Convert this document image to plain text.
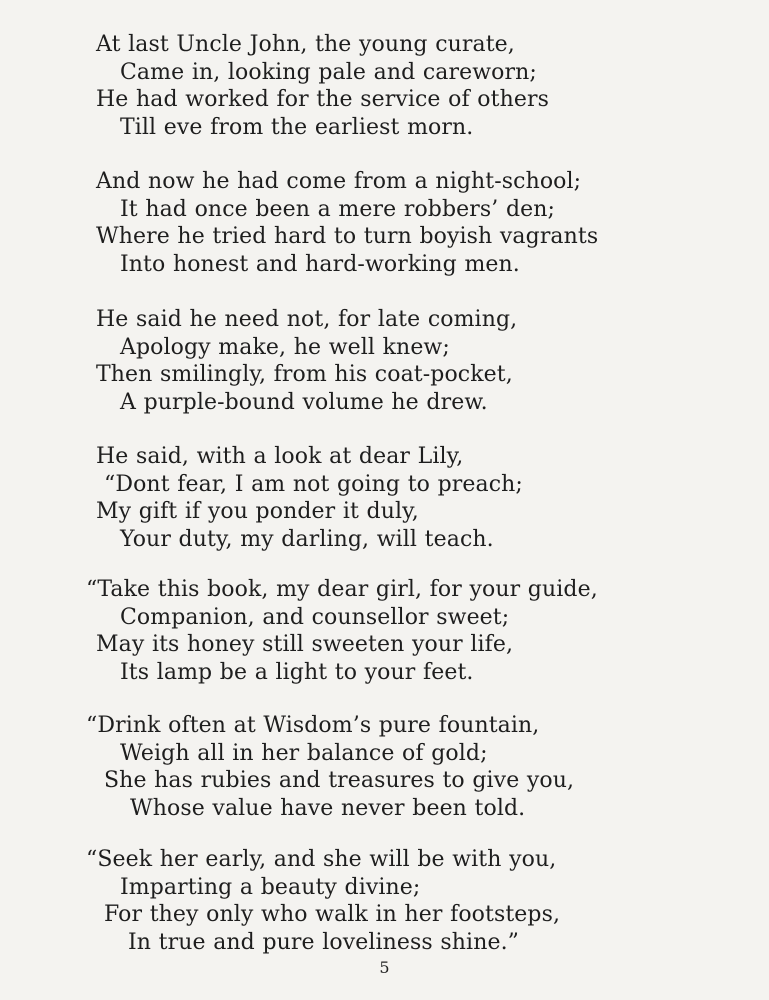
At last Uncle John, the young curate,
Came in, looking pale and careworn;
He had worked for the service of others
Till eve from the earliest morn.
And now he had come from a night-school;
It had once been a mere robbers’ den;
Where he tried hard to turn boyish vagrants
Into honest and hard-working men.
He said he need not, for late coming,
Apology make, he well knew;
Then smilingly, from his coat-pocket,
A purple-bound volume he drew.
He said, with a look at dear Lily,
“Dont fear, I am not going to preach;
My gift if you ponder it duly,
Your duty, my darling, will teach.
“Take this book, my dear girl, for your guide,
Companion, and counsellor sweet;
May its honey still sweeten your life,
Its lamp be a light to your feet.
“Drink often at Wisdom’s pure fountain,
Weigh all in her balance of gold;
She has rubies and treasures to give you,
Whose value have never been told.
“Seek her early, and she will be with you,
Imparting a beauty divine;
For they only who walk in her footsteps,
In true and pure loveliness shine.”
5
